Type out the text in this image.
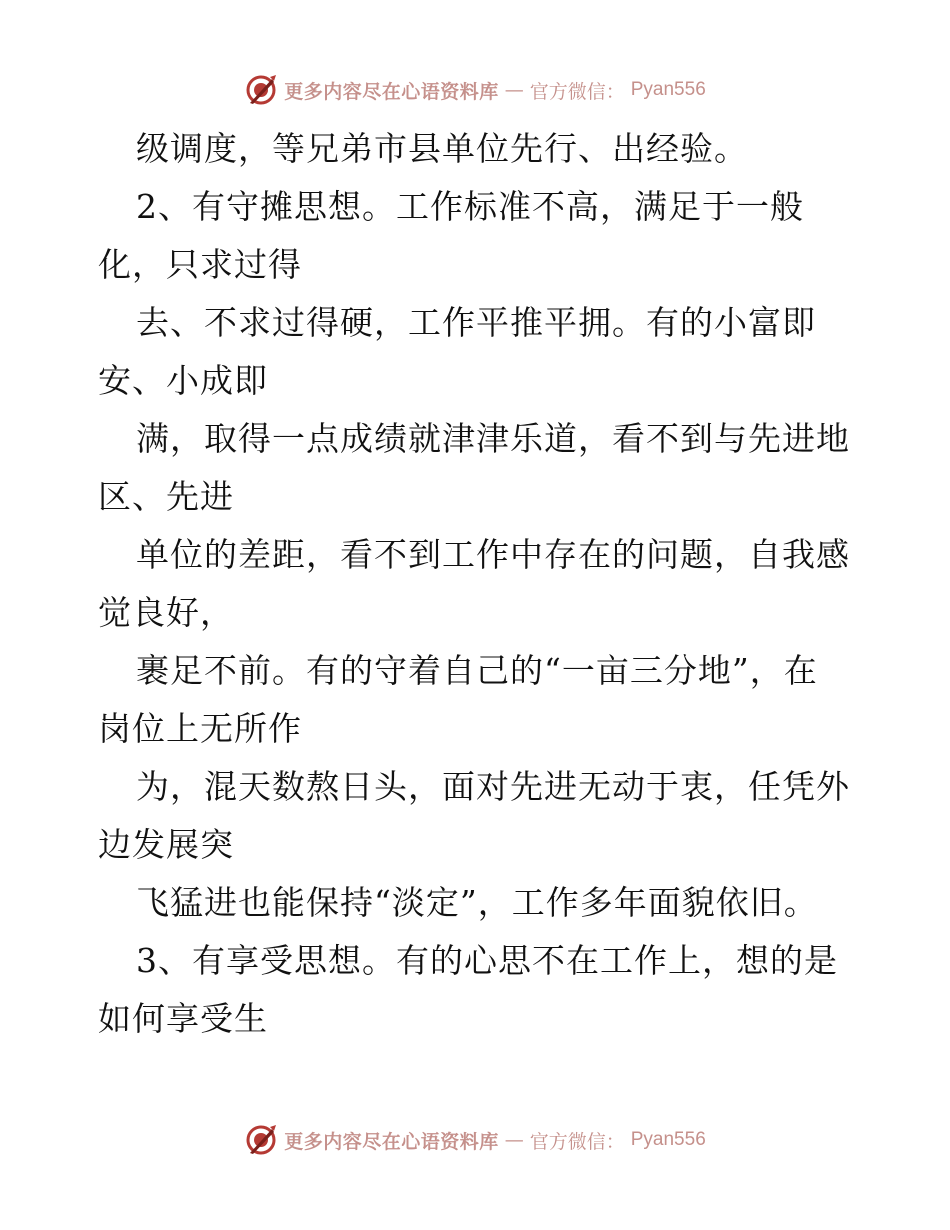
更多内容尽在心语资料库 — 官方微信： Pyan556
级调度，等兄弟市县单位先行、出经验。
2、有守摊思想。工作标准不高，满足于一般
化，只求过得
去、不求过得硬，工作平推平拥。有的小富即
安、小成即
满，取得一点成绩就津津乐道，看不到与先进地
区、先进
单位的差距，看不到工作中存在的问题，自我感
觉良好，
裹足不前。有的守着自己的“一亩三分地”，在
岗位上无所作
为，混天数熬日头，面对先进无动于衷，任凭外
边发展突
飞猛进也能保持“淡定”，工作多年面貌依旧。
3、有享受思想。有的心思不在工作上，想的是
如何享受生
更多内容尽在心语资料库 — 官方微信： Pyan556
